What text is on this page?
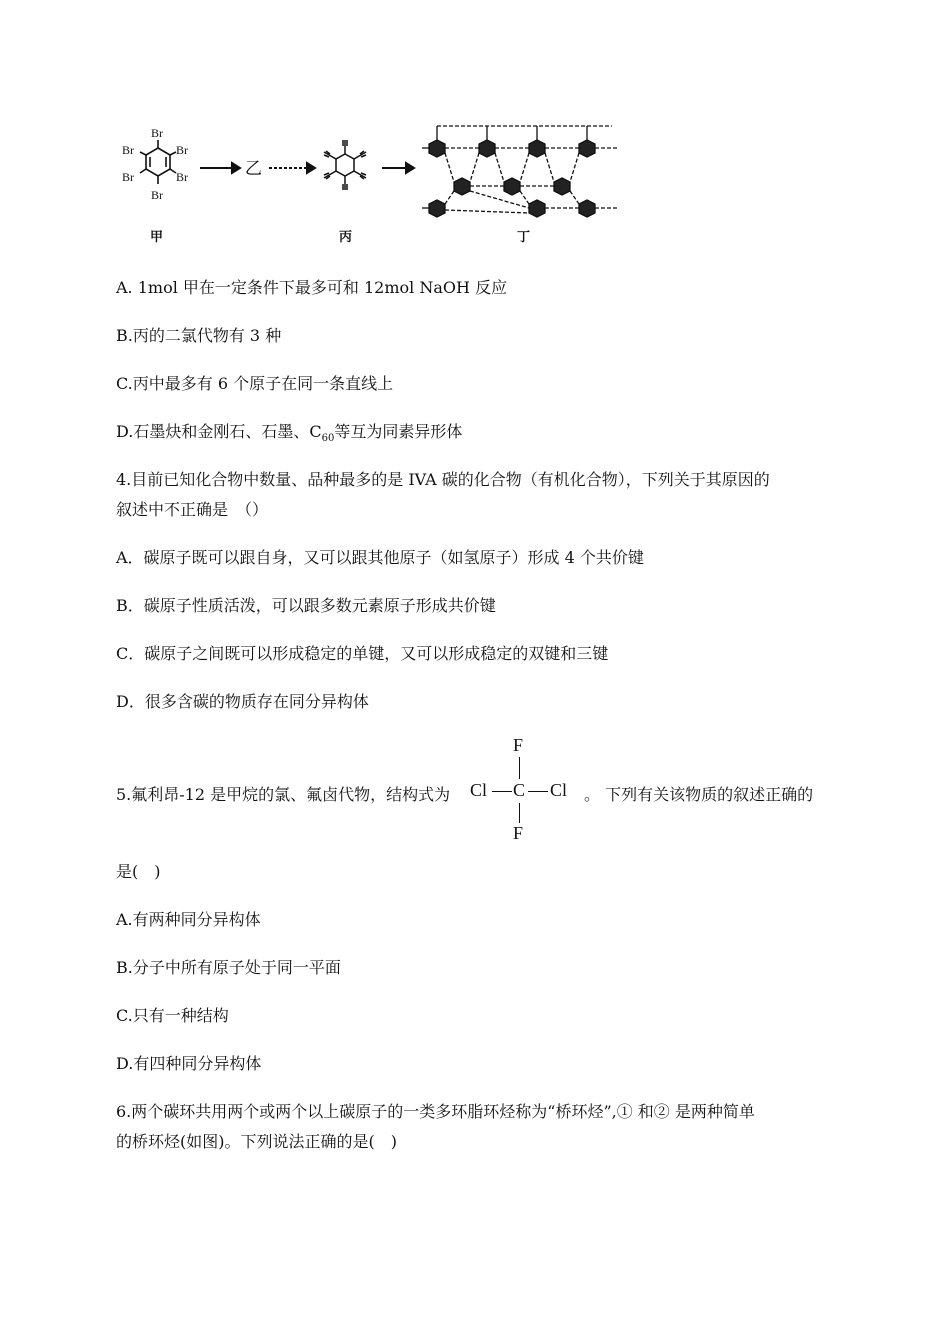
Br
Br
Br
Br
Br
Br
乙
甲	丙	丁
A. 1mol 甲在一定条件下最多可和 12mol NaOH 反应
B.丙的二氯代物有 3 种
C.丙中最多有 6 个原子在同一条直线上
D.石墨炔和金刚石、石墨、$C_{60}$等互为同素异形体
4.目前已知化合物中数量、品种最多的是 IVA 碳的化合物（有机化合物），下列关于其原因的
叙述中不正确是　（）
A．碳原子既可以跟自身，又可以跟其他原子（如氢原子）形成 4 个共价键
B．碳原子性质活泼，可以跟多数元素原子形成共价键
C．碳原子之间既可以形成稳定的单键，又可以形成稳定的双键和三键
D．很多含碳的物质存在同分异构体
5.氟利昂-12 是甲烷的氯、氟卤代物，结构式为
F
Cl C Cl
F
。 下列有关该物质的叙述正确的
是(　)
A.有两种同分异构体
B.分子中所有原子处于同一平面
C.只有一种结构
D.有四种同分异构体
6.两个碳环共用两个或两个以上碳原子的一类多环脂环烃称为“桥环烃”,① 和② 是两种简单
的桥环烃(如图)。下列说法正确的是(　)
